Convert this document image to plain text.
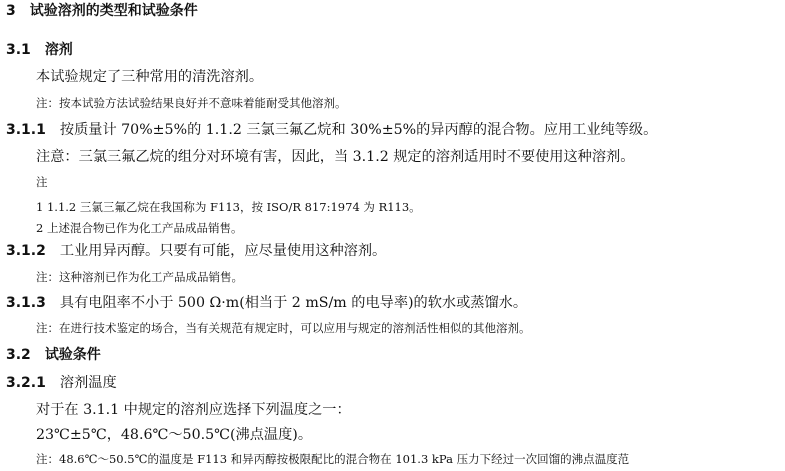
3 试验溶剂的类型和试验条件
3.1 溶剂
本试验规定了三种常用的清洗溶剂。
注：按本试验方法试验结果良好并不意味着能耐受其他溶剂。
3.1.1 按质量计 70%±5%的 1.1.2 三氯三氟乙烷和 30%±5%的异丙醇的混合物。应用工业纯等级。
注意：三氯三氟乙烷的组分对环境有害，因此，当 3.1.2 规定的溶剂适用时不要使用这种溶剂。
注
1 1.1.2 三氯三氟乙烷在我国称为 F113，按 ISO/R 817:1974 为 R113。
2 上述混合物已作为化工产品成品销售。
3.1.2 工业用异丙醇。只要有可能，应尽量使用这种溶剂。
注：这种溶剂已作为化工产品成品销售。
3.1.3 具有电阻率不小于 500 Ω·m(相当于 2 mS/m 的电导率)的软水或蒸馏水。
注：在进行技术鉴定的场合，当有关规范有规定时，可以应用与规定的溶剂活性相似的其他溶剂。
3.2 试验条件
3.2.1 溶剂温度
对于在 3.1.1 中规定的溶剂应选择下列温度之一：
23℃±5℃，48.6℃～50.5℃(沸点温度)。
注：48.6℃～50.5℃的温度是 F113 和异丙醇按极限配比的混合物在 101.3 kPa 压力下经过一次回馏的沸点温度范
